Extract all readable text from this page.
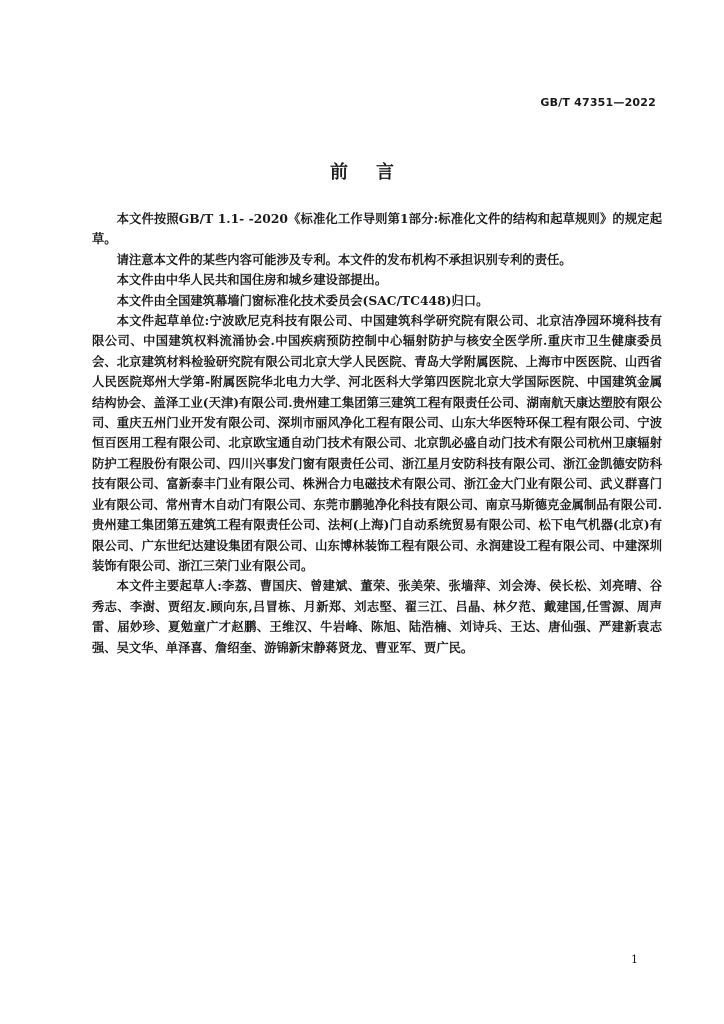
GB/T 47351—2022
前言

本文件按照GB/T 1.1- -2020《标准化工作导则第1部分:标准化文件的结构和起草规则》的规定起草。

请注意本文件的某些内容可能涉及专利。本文件的发布机构不承担识别专利的责任。

本文件由中华人民共和国住房和城乡建设部提出。

本文件由全国建筑幕墙门窗标准化技术委员会(SAC/TC448)归口。

本文件起草单位:宁波欧尼克科技有限公司、中国建筑科学研究院有限公司、北京洁净园环境科技有限公司、中国建筑权料流涌协会.中国疾病预防控制中心辐射防护与核安全医学所.重庆市卫生健康委员会、北京建筑材料检验研究院有限公司北京大学人民医院、青岛大学附属医院、上海市中医医院、山西省人民医院郑州大学第-附属医院华北电力大学、河北医科大学第四医院北京大学国际医院、中国建筑金属结构协会、盖泽工业(天津)有限公司.贵州建工集团第三建筑工程有限责任公司、湖南航天康达塑胶有限公司、重庆五州门业开发有限公司、深圳市丽风净化工程有限公司、山东大华医特环保工程有限公司、宁波恒百医用工程有限公司、北京欧宝通自动门技术有限公司、北京凯必盛自动门技术有限公司杭州卫康辐射防护工程股份有限公司、四川兴事发门窗有限责任公司、浙江星月安防科技有限公司、浙江金凯德安防科技有限公司、富新泰丰门业有限公司、株洲合力电磁技术有限公司、浙江金大门业有限公司、武义群喜门业有限公司、常州青木自动门有限公司、东莞市鹏驰净化科技有限公司、南京马斯德克金属制品有限公司.贵州建工集团第五建筑工程有限责任公司、法柯(上海)门自动系统贸易有限公司、松下电气机器(北京)有限公司、广东世纪达建设集团有限公司、山东博林装饰工程有限公司、永润建设工程有限公司、中建深圳装饰有限公司、浙江三荣门业有限公司。

本文件主要起草人:李荔、曹国庆、曾建斌、董荣、张美荣、张墙萍、刘会涛、侯长松、刘亮晴、谷秀志、李澍、贾绍友.顾向东,吕冒栋、月新郑、刘志堅、翟三江、吕晶、林夕范、戴建国,任雪源、周声雷、届妙珍、夏勉童广才赵鹏、王维汉、牛岩峰、陈旭、陆浩楠、刘诗兵、王达、唐仙强、严建新袁志强、吴文华、单泽喜、詹绍奎、游锦新宋静蒋贤龙、曹亚军、贾广民。

1
